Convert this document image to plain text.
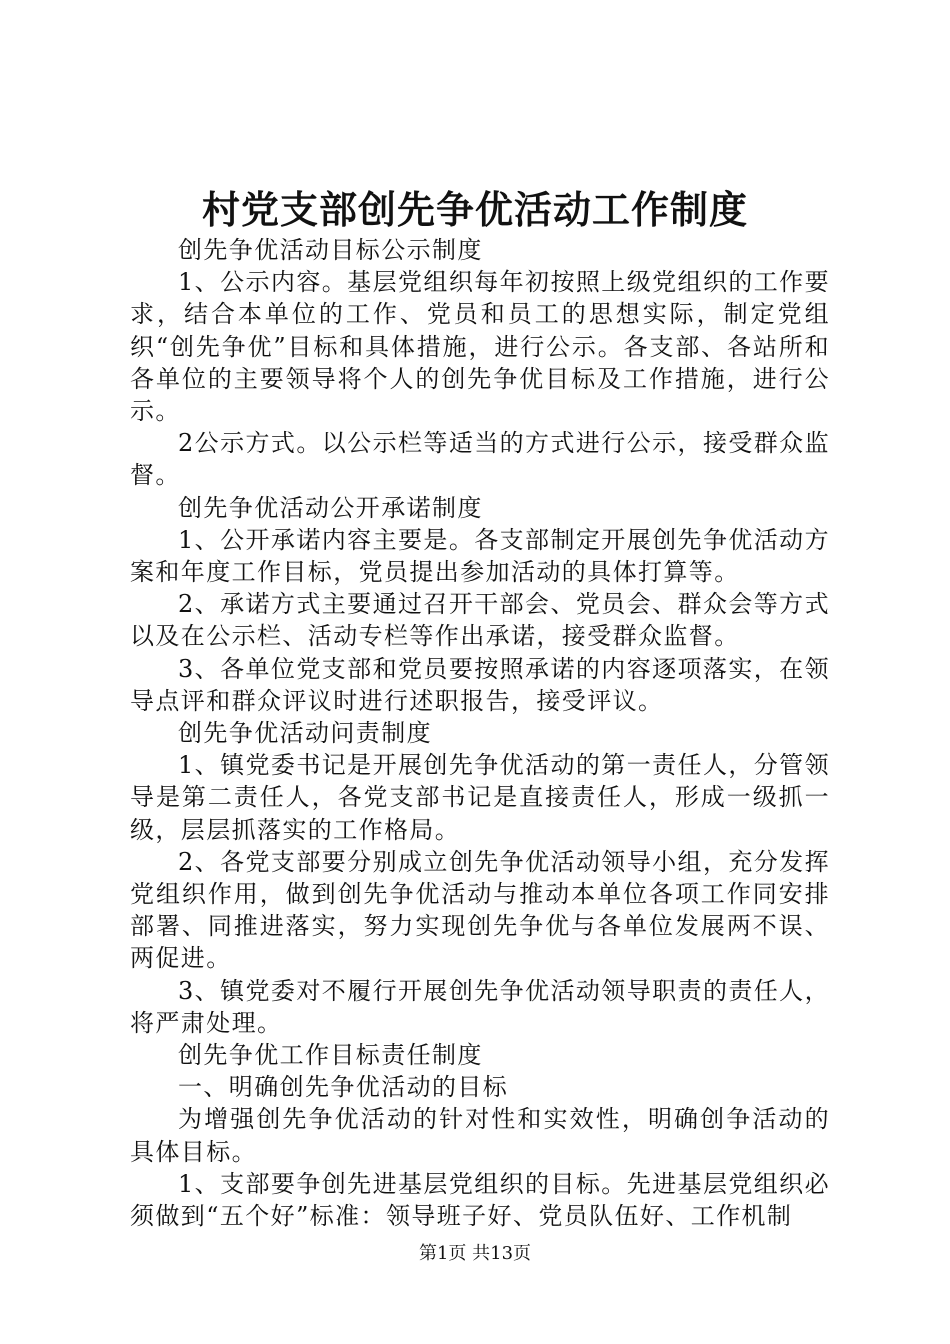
村党支部创先争优活动工作制度

创先争优活动目标公示制度

1、公示内容。基层党组织每年初按照上级党组织的工作要求，结合本单位的工作、党员和员工的思想实际，制定党组织“创先争优”目标和具体措施，进行公示。各支部、各站所和各单位的主要领导将个人的创先争优目标及工作措施，进行公示。

2公示方式。以公示栏等适当的方式进行公示，接受群众监督。

创先争优活动公开承诺制度

1、公开承诺内容主要是。各支部制定开展创先争优活动方案和年度工作目标，党员提出参加活动的具体打算等。

2、承诺方式主要通过召开干部会、党员会、群众会等方式以及在公示栏、活动专栏等作出承诺，接受群众监督。

3、各单位党支部和党员要按照承诺的内容逐项落实，在领导点评和群众评议时进行述职报告，接受评议。

创先争优活动问责制度

1、镇党委书记是开展创先争优活动的第一责任人，分管领导是第二责任人，各党支部书记是直接责任人，形成一级抓一级，层层抓落实的工作格局。

2、各党支部要分别成立创先争优活动领导小组，充分发挥党组织作用，做到创先争优活动与推动本单位各项工作同安排部署、同推进落实，努力实现创先争优与各单位发展两不误、两促进。

3、镇党委对不履行开展创先争优活动领导职责的责任人，将严肃处理。

创先争优工作目标责任制度

一、明确创先争优活动的目标

为增强创先争优活动的针对性和实效性，明确创争活动的具体目标。

1、支部要争创先进基层党组织的目标。先进基层党组织必须做到“五个好”标准：领导班子好、党员队伍好、工作机制

第1页 共13页
